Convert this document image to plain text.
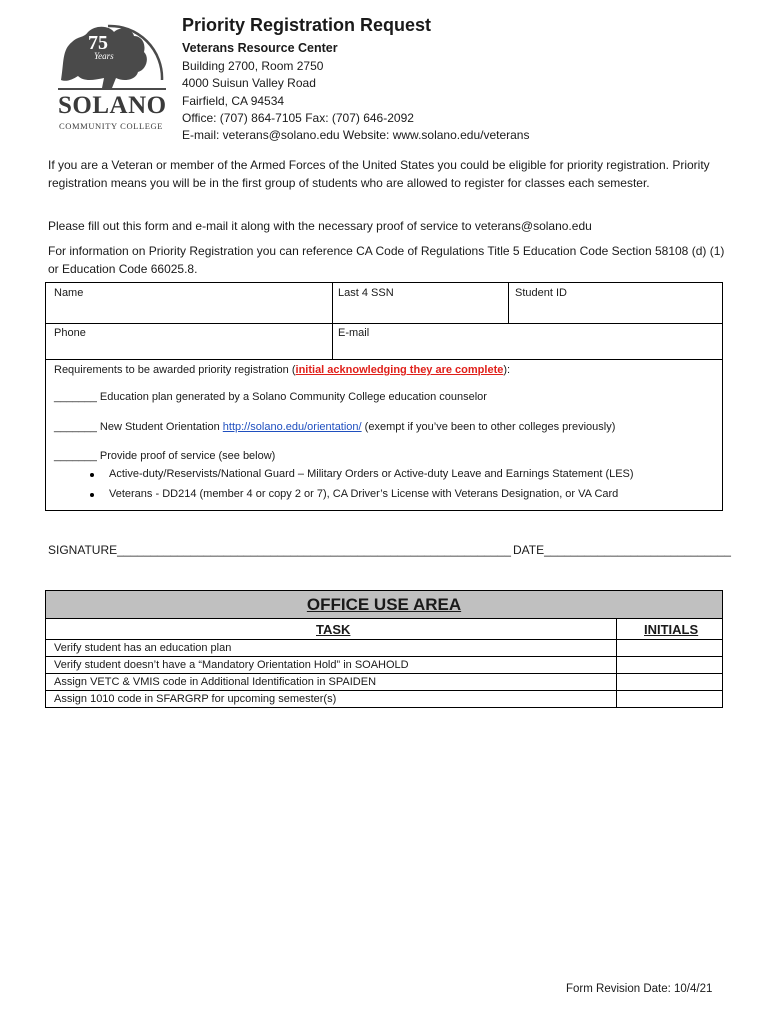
75
Years
SOLANO
COMMUNITY COLLEGE
Priority Registration Request
Veterans Resource Center
Building 2700, Room 2750
4000 Suisun Valley Road
Fairfield, CA 94534
Office: (707) 864-7105 Fax: (707) 646-2092
E-mail: veterans@solano.edu Website: www.solano.edu/veterans
If you are a Veteran or member of the Armed Forces of the United States you could be eligible for priority registration. Priority registration means you will be in the first group of students who are allowed to register for classes each semester.
Please fill out this form and e-mail it along with the necessary proof of service to veterans@solano.edu
For information on Priority Registration you can reference CA Code of Regulations Title 5 Education Code Section 58108 (d) (1) or Education Code 66025.8.
Name	Last 4 SSN	Student ID
Phone	E-mail
Requirements to be awarded priority registration (initial acknowledging they are complete):
_______ Education plan generated by a Solano Community College education counselor
_______ New Student Orientation http://solano.edu/orientation/ (exempt if you’ve been to other colleges previously)
_______ Provide proof of service (see below)
Active-duty/Reservists/National Guard – Military Orders or Active-duty Leave and Earnings Statement (LES)
Veterans - DD214 (member 4 or copy 2 or 7), CA Driver’s License with Veterans Designation, or VA Card
SIGNATURE___________________________________________________________ DATE____________________________
OFFICE USE AREA
TASK	INITIALS
Verify student has an education plan
Verify student doesn’t have a “Mandatory Orientation Hold” in SOAHOLD
Assign VETC & VMIS code in Additional Identification in SPAIDEN
Assign 1010 code in SFARGRP for upcoming semester(s)
Form Revision Date: 10/4/21
